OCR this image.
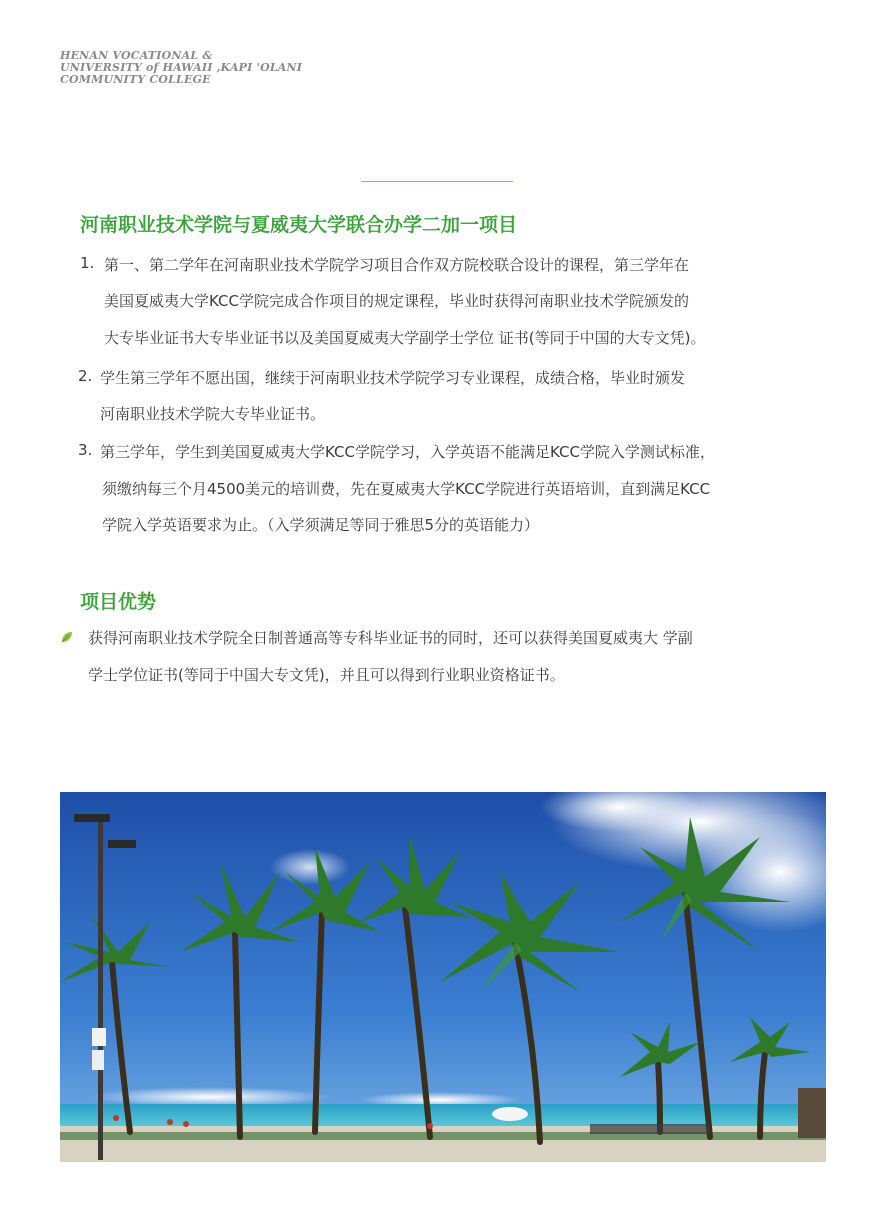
HENAN VOCATIONAL &
UNIVERSITY of HAWAII ,KAPI 'OLANI
COMMUNITY COLLEGE
河南职业技术学院与夏威夷大学联合办学二加一项目
1. 第一、第二学年在河南职业技术学院学习项目合作双方院校联合设计的课程，第三学年在
美国夏威夷大学KCC学院完成合作项目的规定课程，毕业时获得河南职业技术学院颁发的
大专毕业证书大专毕业证书以及美国夏威夷大学副学士学位 证书(等同于中国的大专文凭)。
2. 学生第三学年不愿出国，继续于河南职业技术学院学习专业课程，成绩合格，毕业时颁发
河南职业技术学院大专毕业证书。
3. 第三学年，学生到美国夏威夷大学KCC学院学习，入学英语不能满足KCC学院入学测试标准，
须缴纳每三个月4500美元的培训费，先在夏威夷大学KCC学院进行英语培训，直到满足KCC
学院入学英语要求为止。（入学须满足等同于雅思5分的英语能力）
项目优势
获得河南职业技术学院全日制普通高等专科毕业证书的同时，还可以获得美国夏威夷大 学副
学士学位证书(等同于中国大专文凭)，并且可以得到行业职业资格证书。
